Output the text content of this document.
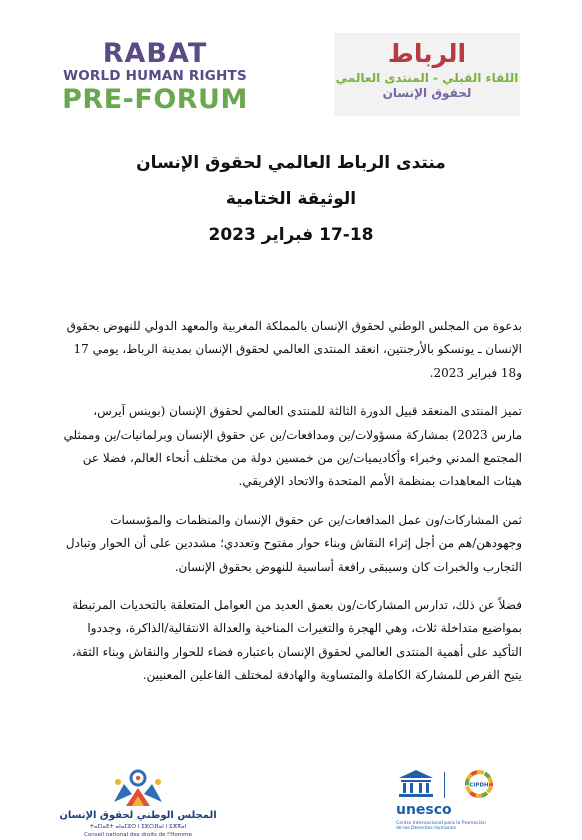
RABAT
WORLD HUMAN RIGHTS
PRE-FORUM
الرباط
اللقاء القبلي - المنتدى العالمي
لحقوق الإنسان
منتدى الرباط العالمي لحقوق الإنسان
الوثيقة الختامية
17-18 فبراير 2023

بدعوة من المجلس الوطني لحقوق الإنسان بالمملكة المغربية والمعهد الدولي للنهوض بحقوق الإنسان ـ يونسكو بالأرجنتين، انعقد المنتدى العالمي لحقوق الإنسان بمدينة الرباط، يومي 17 و18 فبراير 2023.

تميز المنتدى المنعقد قبيل الدورة الثالثة للمنتدى العالمي لحقوق الإنسان (بوينس آيرس، مارس 2023) بمشاركة مسؤولات/ين ومدافعات/ين عن حقوق الإنسان وبرلمانيات/ين وممثلي المجتمع المدني وخبراء وأكاديميات/ين من خمسين دولة من مختلف أنحاء العالم، فضلا عن هيئات المعاهدات بمنظمة الأمم المتحدة والاتحاد الإفريقي.

ثمن المشاركات/ون عمل المدافعات/ين عن حقوق الإنسان والمنظمات والمؤسسات وجهودهن/هم من أجل إثراء النقاش وبناء حوار مفتوح وتعددي؛ مشددين على أن الحوار وتبادل التجارب والخبرات كان وسيبقى رافعة أساسية للنهوض بحقوق الإنسان.

فضلاً عن ذلك، تدارس المشاركات/ون بعمق العديد من العوامل المتعلقة بالتحديات المرتبطة بمواضيع متداخلة ثلاث، وهي الهجرة والتغيرات المناخية والعدالة الانتقالية/الذاكرة، وجددوا التأكيد على أهمية المنتدى العالمي لحقوق الإنسان باعتباره فضاء للحوار والنقاش وبناء الثقة، يتيح الفرص للمشاركة الكاملة والمتساوية والهادفة لمختلف الفاعلين المعنيين.

المجلس الوطني لحقوق الإنسان
ⵜⴰⵎⵏⴰⴹⵜ ⴰⵏⴰⵎⵓⵔ ⵏ ⵉⵣⵔⴼⴰⵏ ⵏ ⵓⴼⴳⴰⵏ
Conseil national des droits de l'Homme
CIPDH
unesco
Centro Internacional para la Promoción
de los Derechos Humanos
